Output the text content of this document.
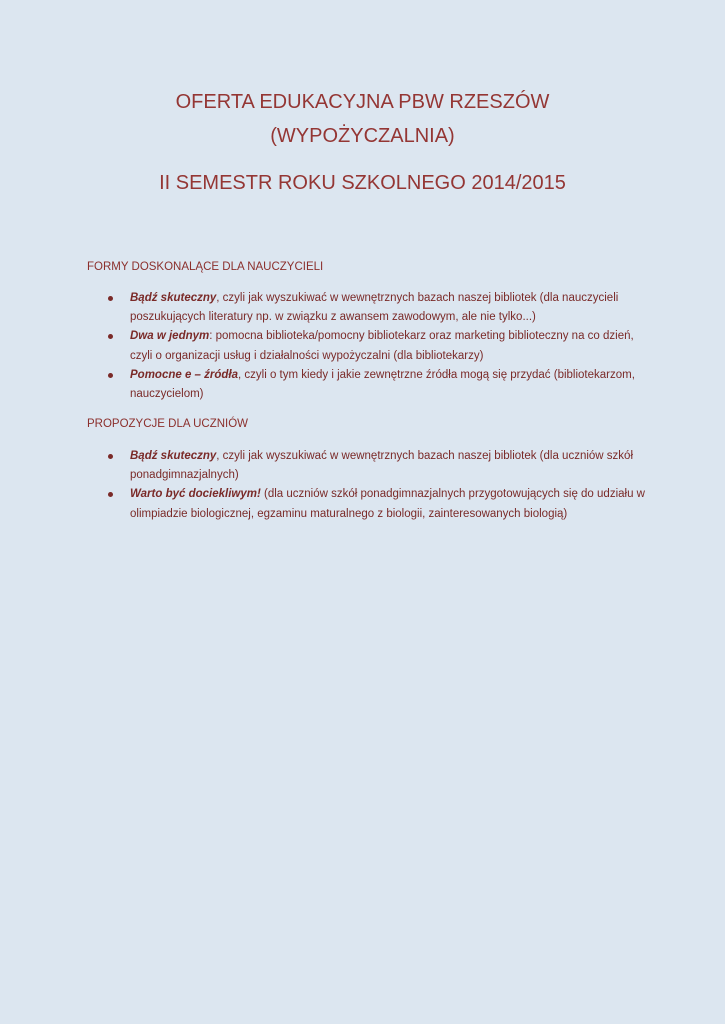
OFERTA EDUKACYJNA PBW RZESZÓW
(WYPOŻYCZALNIA)
II SEMESTR ROKU SZKOLNEGO 2014/2015
FORMY DOSKONALĄCE DLA NAUCZYCIELI
Bądź skuteczny, czyli jak wyszukiwać w wewnętrznych bazach naszej bibliotek (dla nauczycieli poszukujących literatury np. w związku z awansem zawodowym, ale nie tylko...)
Dwa w jednym: pomocna biblioteka/pomocny bibliotekarz oraz marketing biblioteczny na co dzień, czyli o organizacji usług i działalności wypożyczalni (dla bibliotekarzy)
Pomocne e – źródła, czyli o tym kiedy i jakie zewnętrzne źródła mogą się przydać (bibliotekarzom, nauczycielom)
PROPOZYCJE DLA UCZNIÓW
Bądź skuteczny, czyli jak wyszukiwać w wewnętrznych bazach naszej bibliotek (dla uczniów szkół ponadgimnazjalnych)
Warto być dociekliwym! (dla uczniów szkół ponadgimnazjalnych przygotowujących się do udziału w olimpiadzie biologicznej, egzaminu maturalnego z biologii, zainteresowanych biologią)
